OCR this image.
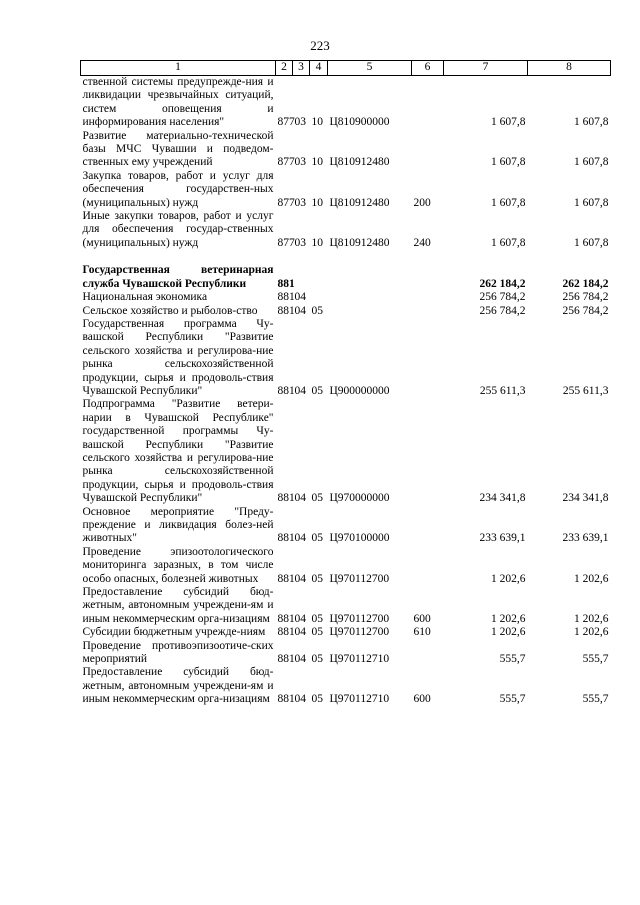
223
1	2	3	4	5	6	7	8
ственной системы предупрежде-ния и ликвидации чрезвычайных ситуаций, систем оповещения и информирования населения"	877	03	10	Ц810900000		1 607,8	1 607,8
Развитие материально-технической базы МЧС Чувашии и подведом-ственных ему учреждений	877	03	10	Ц810912480		1 607,8	1 607,8
Закупка товаров, работ и услуг для обеспечения государствен-ных (муниципальных) нужд	877	03	10	Ц810912480	200	1 607,8	1 607,8
Иные закупки товаров, работ и услуг для обеспечения государ-ственных (муниципальных) нужд	877	03	10	Ц810912480	240	1 607,8	1 607,8

Государственная ветеринарная служба Чувашской Республики	881					262 184,2	262 184,2
Национальная экономика	881	04				256 784,2	256 784,2
Сельское хозяйство и рыболов-ство	881	04	05			256 784,2	256 784,2
Государственная программа Чу-вашской Республики "Развитие сельского хозяйства и регулирова-ние рынка сельскохозяйственной продукции, сырья и продоволь-ствия Чувашской Республики"	881	04	05	Ц900000000		255 611,3	255 611,3
Подпрограмма "Развитие ветери-нарии в Чувашской Республике" государственной программы Чу-вашской Республики "Развитие сельского хозяйства и регулирова-ние рынка сельскохозяйственной продукции, сырья и продоволь-ствия Чувашской Республики"	881	04	05	Ц970000000		234 341,8	234 341,8
Основное мероприятие "Преду-преждение и ликвидация болез-ней животных"	881	04	05	Ц970100000		233 639,1	233 639,1
Проведение эпизоотологического мониторинга заразных, в том числе особо опасных, болезней животных	881	04	05	Ц970112700		1 202,6	1 202,6
Предоставление субсидий бюд-жетным, автономным учреждени-ям и иным некоммерческим орга-низациям	881	04	05	Ц970112700	600	1 202,6	1 202,6
Субсидии бюджетным учрежде-ниям	881	04	05	Ц970112700	610	1 202,6	1 202,6
Проведение противоэпизоотиче-ских мероприятий	881	04	05	Ц970112710		555,7	555,7
Предоставление субсидий бюд-жетным, автономным учреждени-ям и иным некоммерческим орга-низациям	881	04	05	Ц970112710	600	555,7	555,7
